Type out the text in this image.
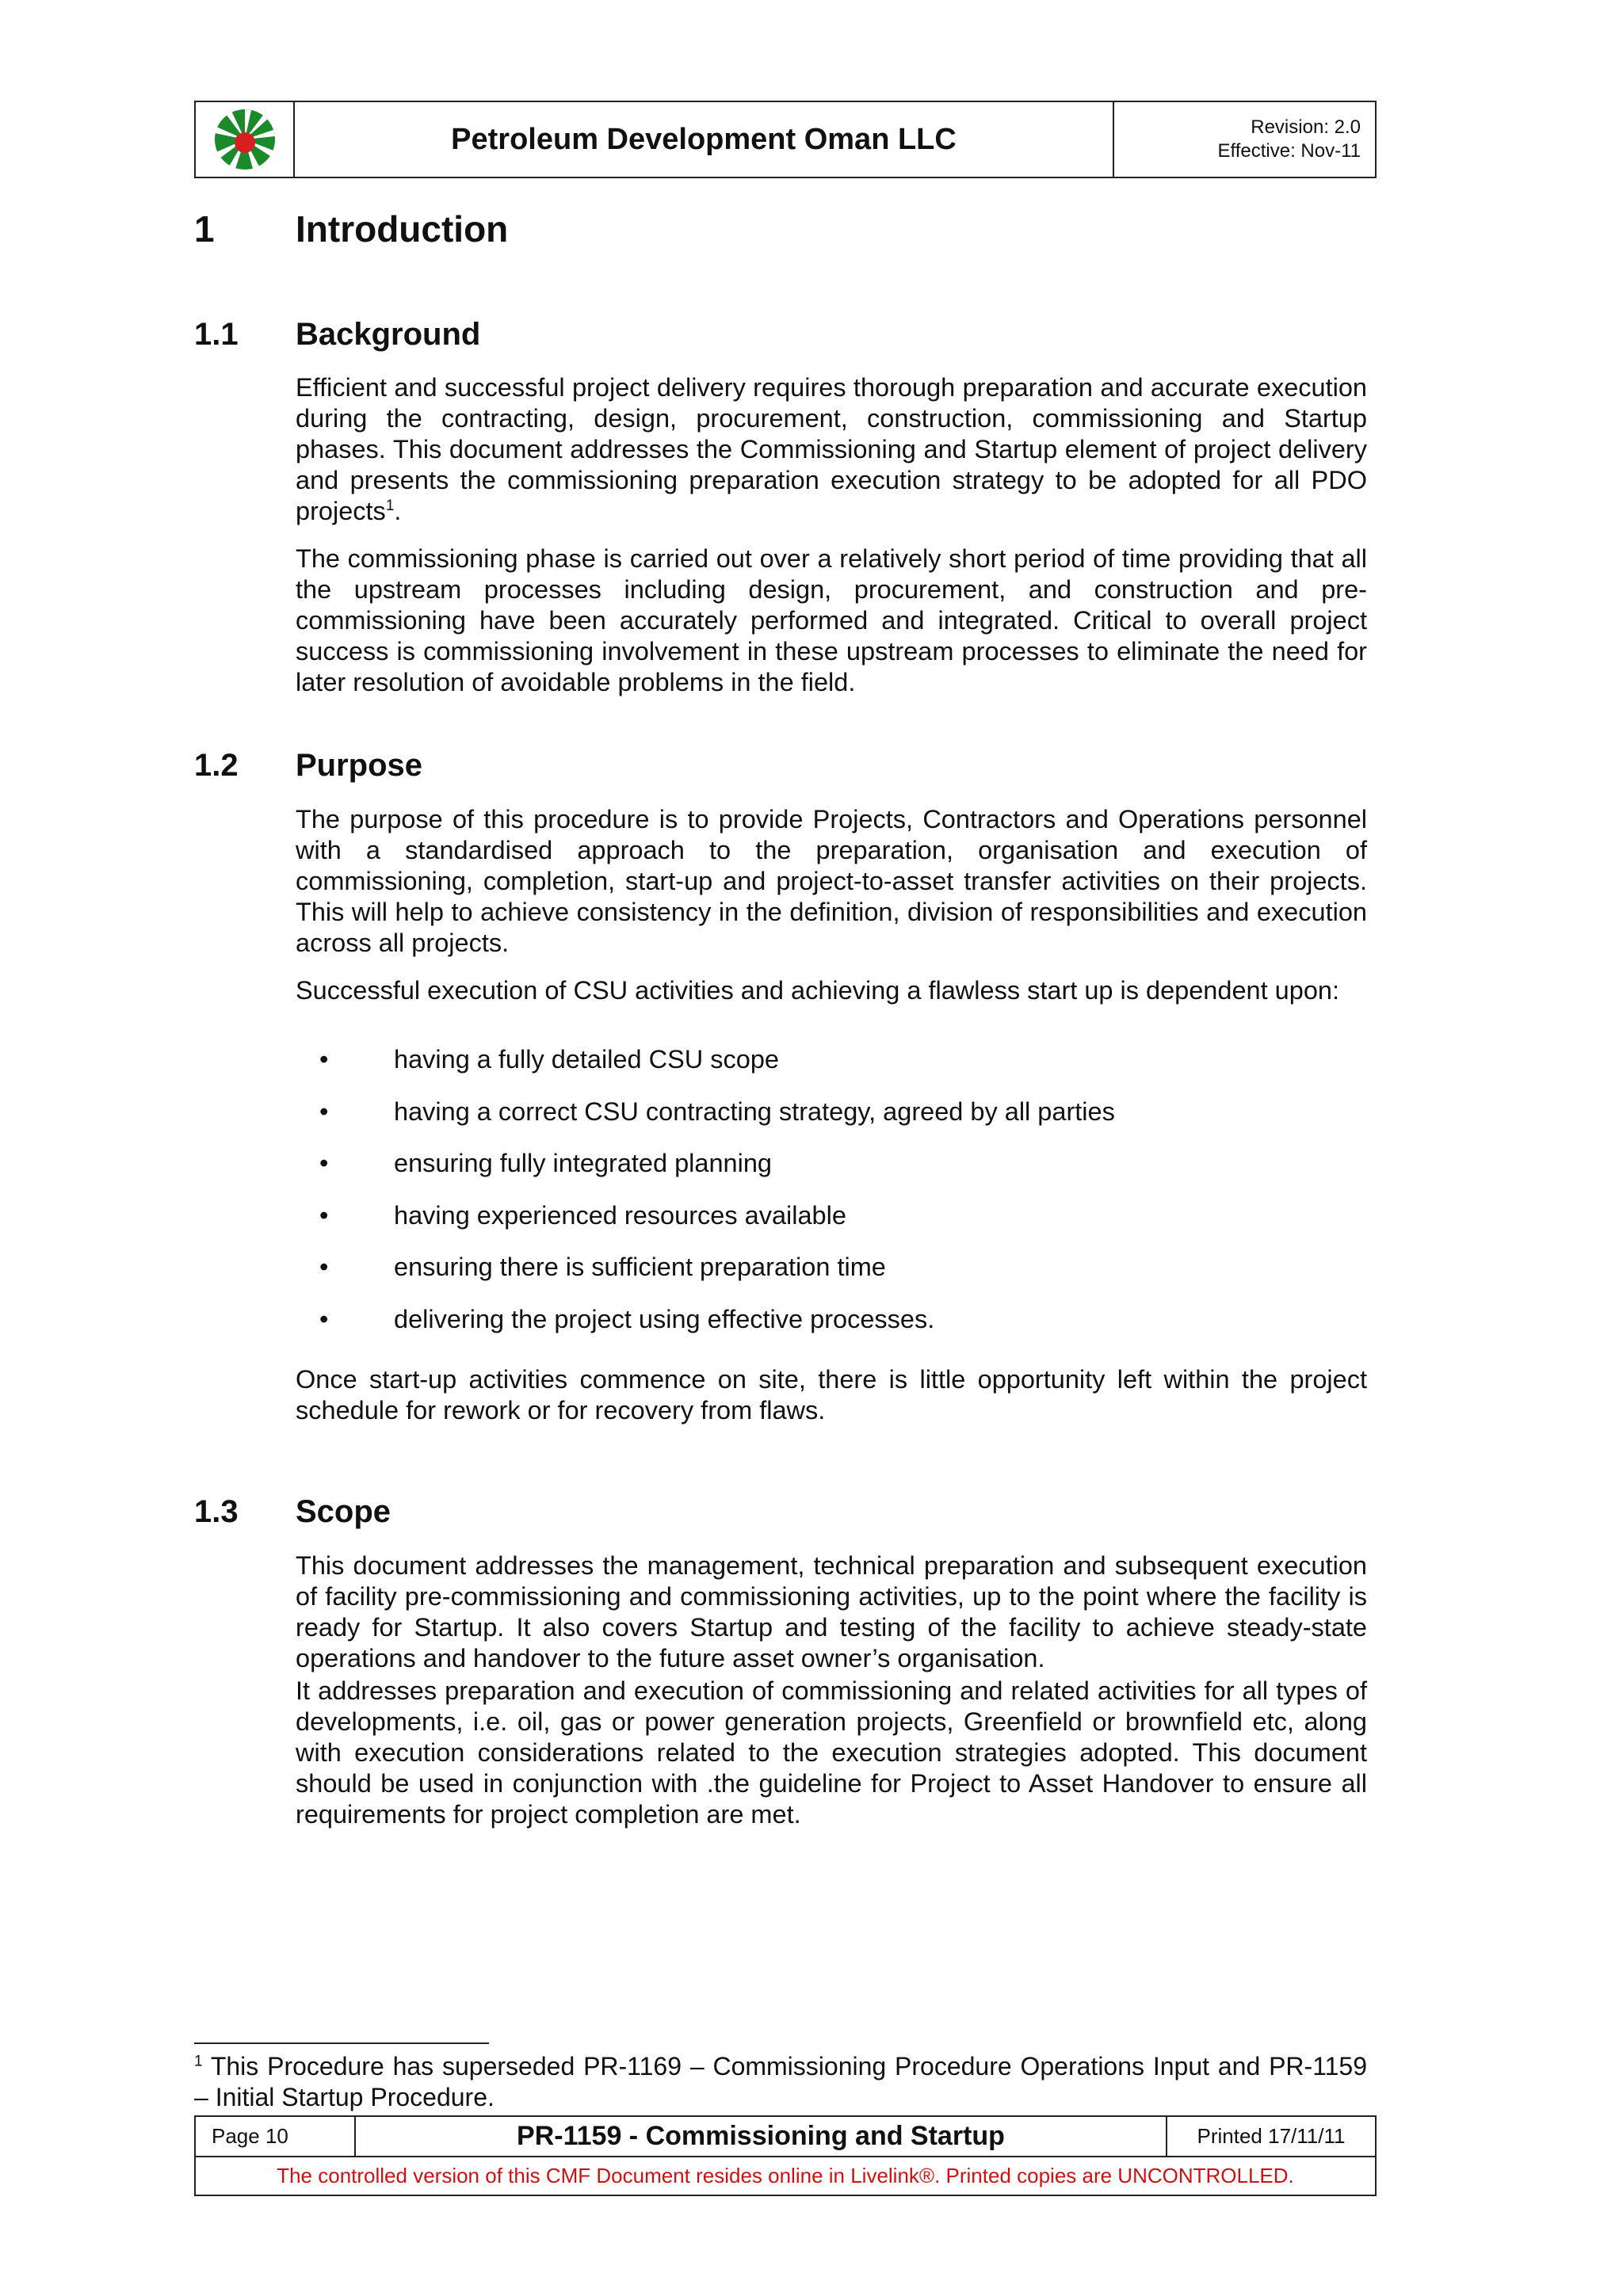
Petroleum Development Oman LLC	Revision: 2.0
Effective: Nov-11
1 Introduction
1.1 Background

Efficient and successful project delivery requires thorough preparation and accurate execution during the contracting, design, procurement, construction, commissioning and Startup phases. This document addresses the Commissioning and Startup element of project delivery and presents the commissioning preparation execution strategy to be adopted for all PDO projects$^1$.

The commissioning phase is carried out over a relatively short period of time providing that all the upstream processes including design, procurement, and construction and pre-commissioning have been accurately performed and integrated. Critical to overall project success is commissioning involvement in these upstream processes to eliminate the need for later resolution of avoidable problems in the field.

1.2 Purpose

The purpose of this procedure is to provide Projects, Contractors and Operations personnel with a standardised approach to the preparation, organisation and execution of commissioning, completion, start-up and project-to-asset transfer activities on their projects. This will help to achieve consistency in the definition, division of responsibilities and execution across all projects.

Successful execution of CSU activities and achieving a flawless start up is dependent upon:

•	having a fully detailed CSU scope
•	having a correct CSU contracting strategy, agreed by all parties
•	ensuring fully integrated planning
•	having experienced resources available
•	ensuring there is sufficient preparation time
•	delivering the project using effective processes.

Once start-up activities commence on site, there is little opportunity left within the project schedule for rework or for recovery from flaws.

1.3 Scope

This document addresses the management, technical preparation and subsequent execution of facility pre-commissioning and commissioning activities, up to the point where the facility is ready for Startup. It also covers Startup and testing of the facility to achieve steady-state operations and handover to the future asset owner’s organisation.

It addresses preparation and execution of commissioning and related activities for all types of developments, i.e. oil, gas or power generation projects, Greenfield or brownfield etc, along with execution considerations related to the execution strategies adopted. This document should be used in conjunction with .the guideline for Project to Asset Handover to ensure all requirements for project completion are met.

$^1$ This Procedure has superseded PR-1169 – Commissioning Procedure Operations Input and PR-1159 – Initial Startup Procedure.

Page 10	PR-1159 - Commissioning and Startup	Printed 17/11/11
The controlled version of this CMF Document resides online in Livelink®. Printed copies are UNCONTROLLED.
